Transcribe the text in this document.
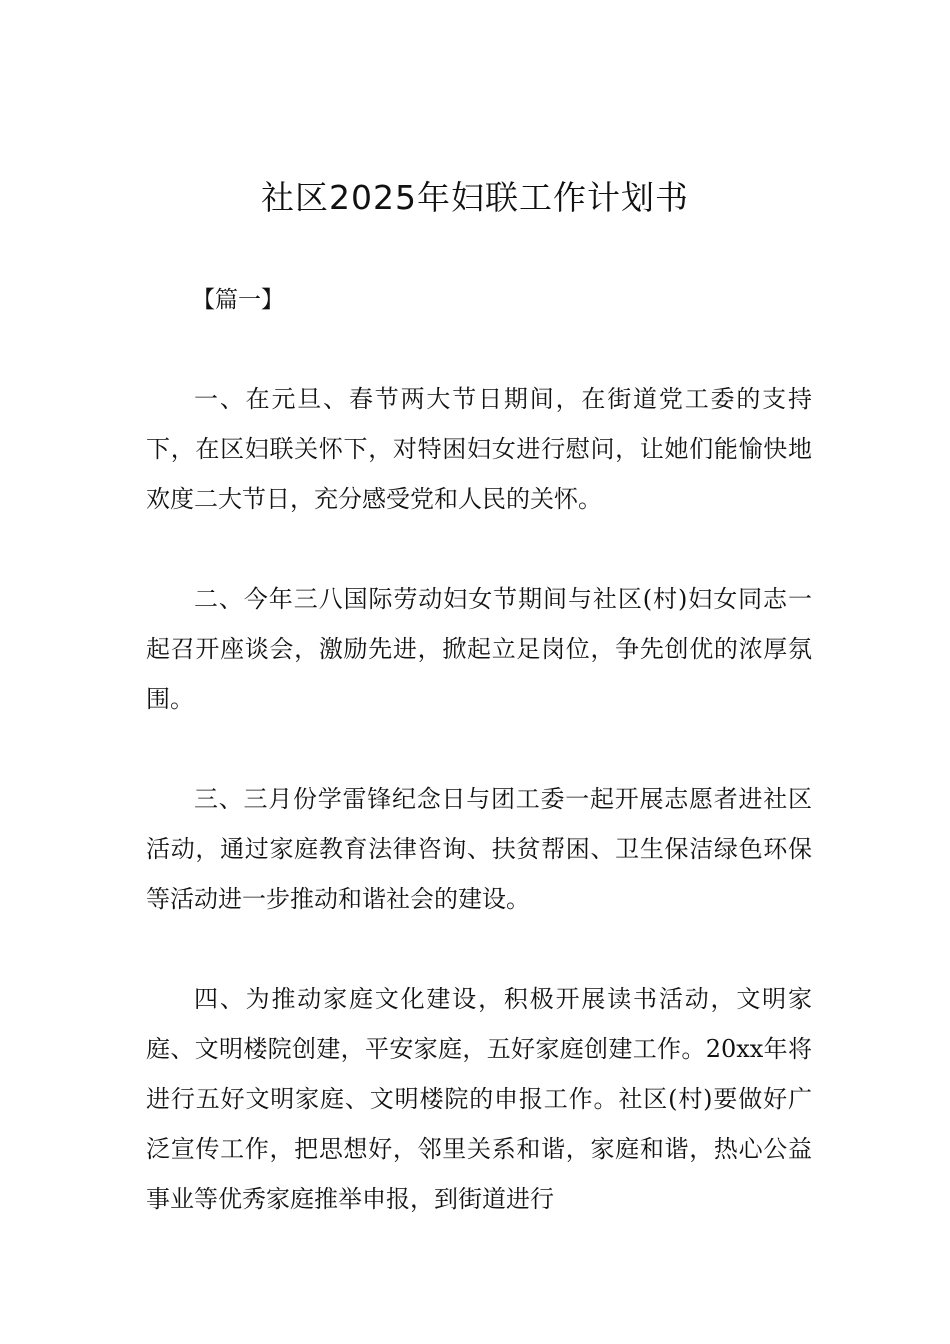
社区2025年妇联工作计划书
【篇一】
一、在元旦、春节两大节日期间，在街道党工委的支持下，在区妇联关怀下，对特困妇女进行慰问，让她们能愉快地欢度二大节日，充分感受党和人民的关怀。
二、今年三八国际劳动妇女节期间与社区(村)妇女同志一起召开座谈会，激励先进，掀起立足岗位，争先创优的浓厚氛围。
三、三月份学雷锋纪念日与团工委一起开展志愿者进社区活动，通过家庭教育法律咨询、扶贫帮困、卫生保洁绿色环保等活动进一步推动和谐社会的建设。
四、为推动家庭文化建设，积极开展读书活动，文明家庭、文明楼院创建，平安家庭，五好家庭创建工作。20xx年将进行五好文明家庭、文明楼院的申报工作。社区(村)要做好广泛宣传工作，把思想好，邻里关系和谐，家庭和谐，热心公益事业等优秀家庭推举申报，到街道进行
